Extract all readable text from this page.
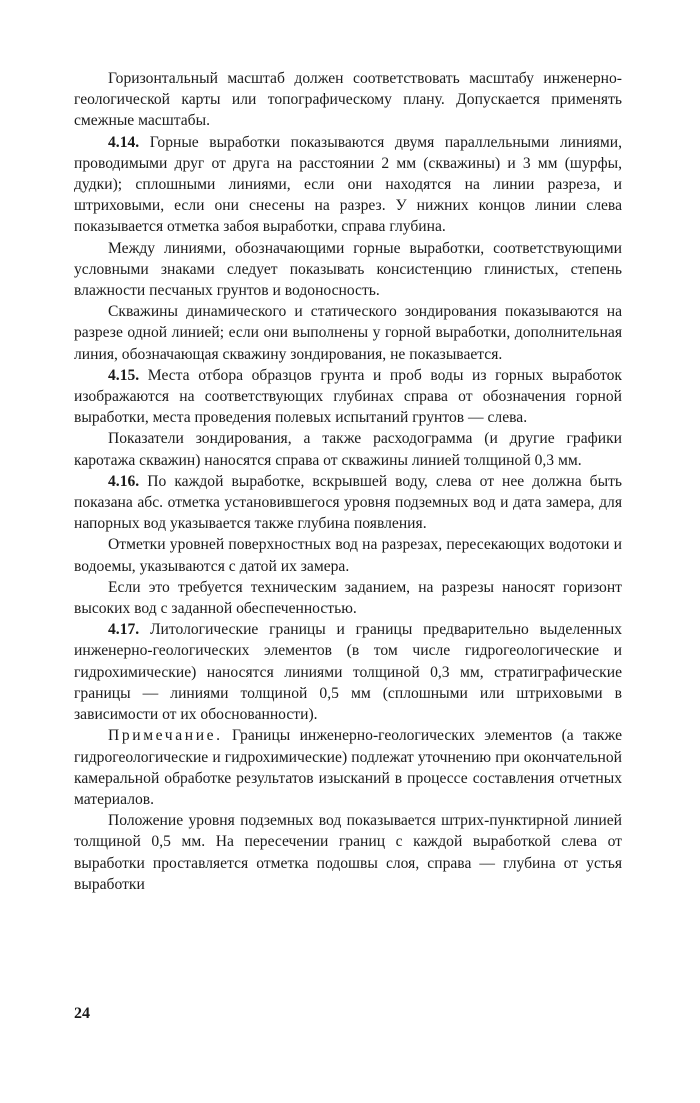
Горизонтальный масштаб должен соответствовать масштабу инженерно-геологической карты или топографическому плану. Допускается применять смежные масштабы.

4.14. Горные выработки показываются двумя параллельными линиями, проводимыми друг от друга на расстоянии 2 мм (скважины) и 3 мм (шурфы, дудки); сплошными линиями, если они находятся на линии разреза, и штриховыми, если они снесены на разрез. У нижних концов линии слева показывается отметка забоя выработки, справа глубина.

Между линиями, обозначающими горные выработки, соответствующими условными знаками следует показывать консистенцию глинистых, степень влажности песчаных грунтов и водоносность.

Скважины динамического и статического зондирования показываются на разрезе одной линией; если они выполнены у горной выработки, дополнительная линия, обозначающая скважину зондирования, не показывается.

4.15. Места отбора образцов грунта и проб воды из горных выработок изображаются на соответствующих глубинах справа от обозначения горной выработки, места проведения полевых испытаний грунтов — слева.

Показатели зондирования, а также расходограмма (и другие графики каротажа скважин) наносятся справа от скважины линией толщиной 0,3 мм.

4.16. По каждой выработке, вскрывшей воду, слева от нее должна быть показана абс. отметка установившегося уровня подземных вод и дата замера, для напорных вод указывается также глубина появления.

Отметки уровней поверхностных вод на разрезах, пересекающих водотоки и водоемы, указываются с датой их замера.

Если это требуется техническим заданием, на разрезы наносят горизонт высоких вод с заданной обеспеченностью.

4.17. Литологические границы и границы предварительно выделенных инженерно-геологических элементов (в том числе гидрогеологические и гидрохимические) наносятся линиями толщиной 0,3 мм, стратиграфические границы — линиями толщиной 0,5 мм (сплошными или штриховыми в зависимости от их обоснованности).

Примечание. Границы инженерно-геологических элементов (а также гидрогеологические и гидрохимические) подлежат уточнению при окончательной камеральной обработке результатов изысканий в процессе составления отчетных материалов.

Положение уровня подземных вод показывается штрих-пунктирной линией толщиной 0,5 мм. На пересечении границ с каждой выработкой слева от выработки проставляется отметка подошвы слоя, справа — глубина от устья выработки

24
